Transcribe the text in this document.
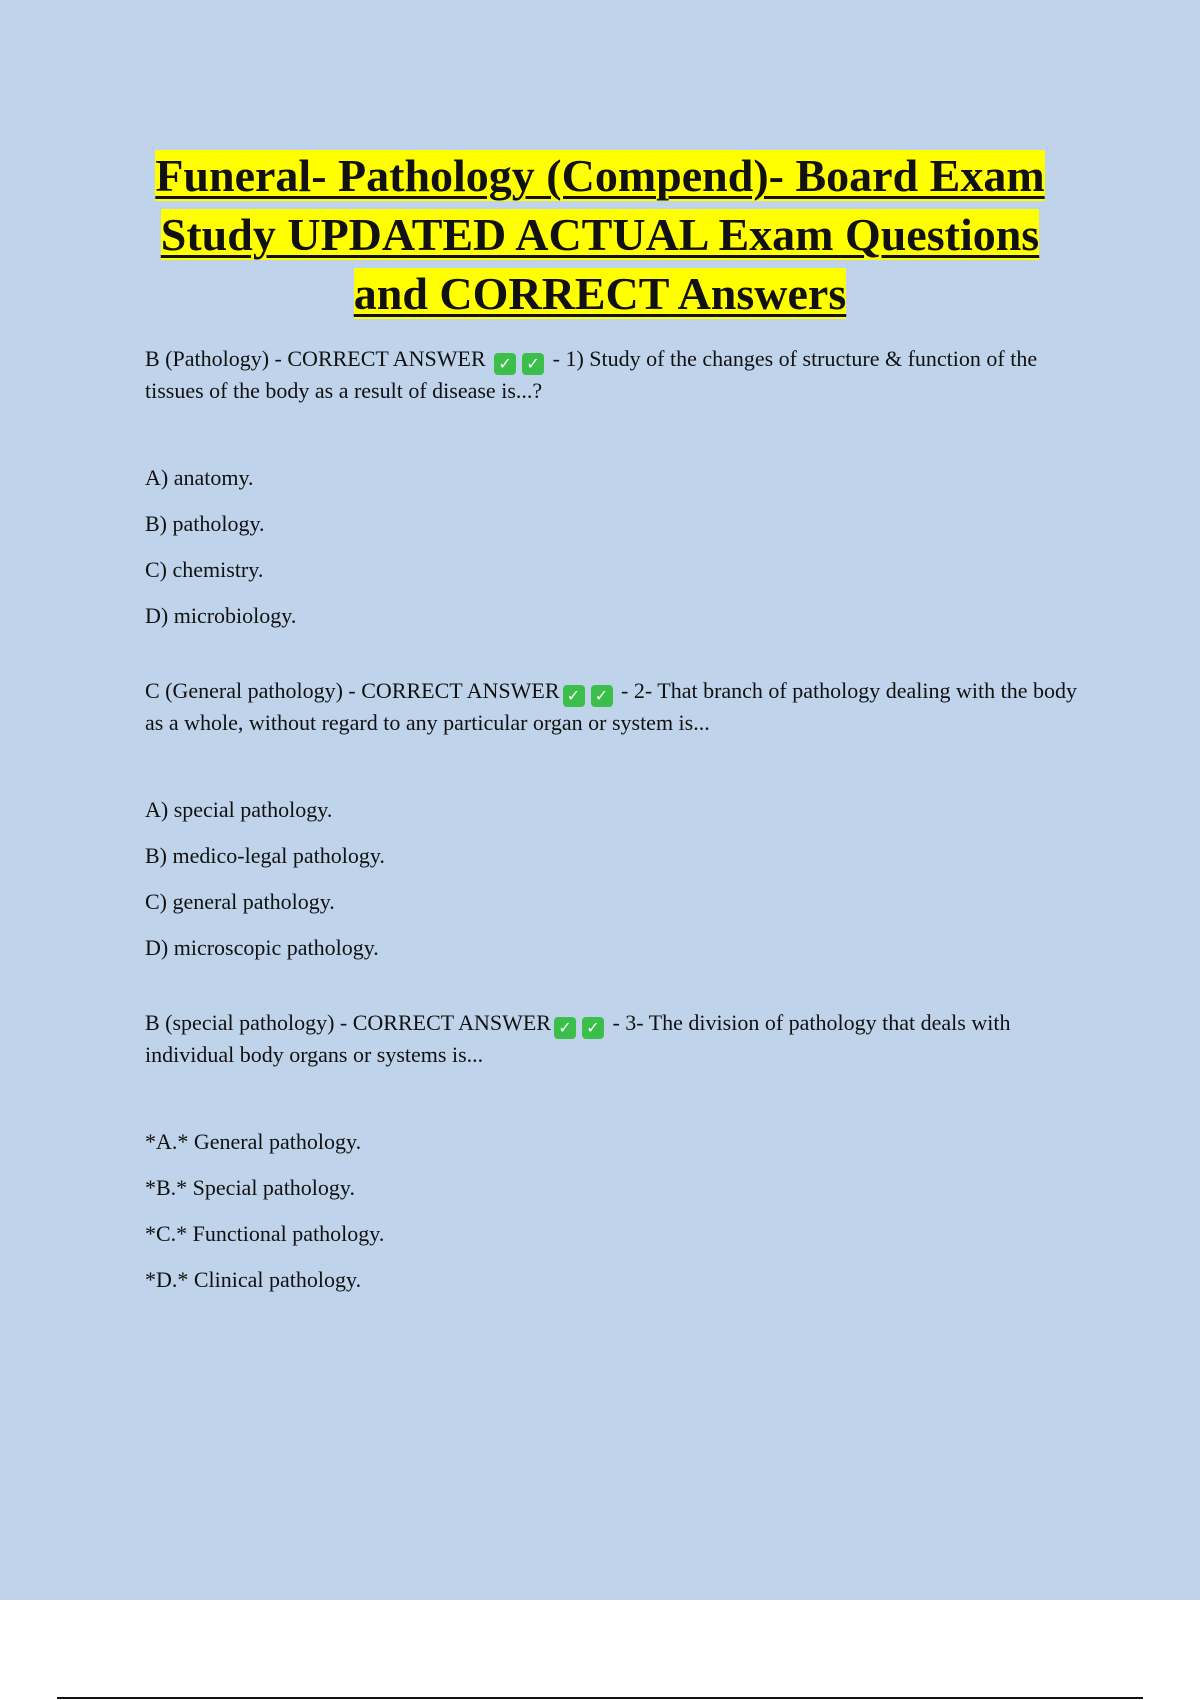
Funeral- Pathology (Compend)- Board Exam Study UPDATED ACTUAL Exam Questions and CORRECT Answers

B (Pathology) - CORRECT ANSWER ✓ ✓ - 1) Study of the changes of structure & function of the tissues of the body as a result of disease is...?

A) anatomy.
B) pathology.
C) chemistry.
D) microbiology.

C (General pathology) - CORRECT ANSWER ✓ ✓ - 2- That branch of pathology dealing with the body as a whole, without regard to any particular organ or system is...

A) special pathology.
B) medico-legal pathology.
C) general pathology.
D) microscopic pathology.

B (special pathology) - CORRECT ANSWER ✓ ✓ - 3- The division of pathology that deals with individual body organs or systems is...

*A.* General pathology.
*B.* Special pathology.
*C.* Functional pathology.
*D.* Clinical pathology.
